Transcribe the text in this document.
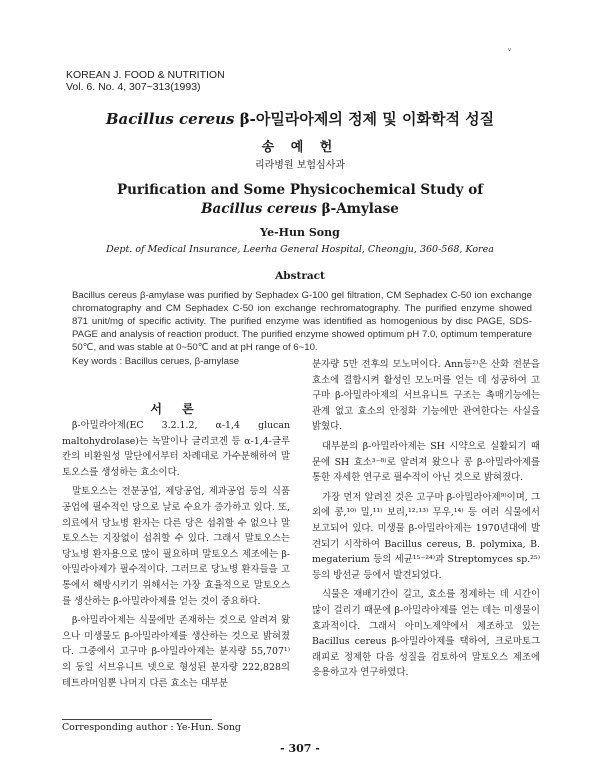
ᵛ
KOREAN J. FOOD & NUTRITION
Vol. 6. No. 4, 307~313(1993)
Bacillus cereus β-아밀라아제의 정제 및 이화학적 성질
송 예 헌
리라병원 보험심사과
Purification and Some Physicochemical Study of
Bacillus cereus β-Amylase
Ye-Hun Song
Dept. of Medical Insurance, Leerha General Hospital, Cheongju, 360-568, Korea
Abstract
Bacillus cereus β-amylase was purified by Sephadex G-100 gel filtration, CM Sephadex C-50 ion exchange chromatography and CM Sephadex C-50 ion exchange rechromatography. The purified enzyme showed 871 unit/mg of specific activity. The purified enzyme was identified as homogenious by disc PAGE, SDS-PAGE and analysis of reaction product. The purified enzyme showed optimum pH 7.0, optimum temperature 50℃, and was stable at 0~50℃ and at pH range of 6~10.
Key words : Bacillus cerues, β-amylase
서 론

β-아밀라아제(EC 3.2.1.2, α-1,4 glucan maltohydrolase)는 녹말이나 글리코겐 등 α-1,4-글루칸의 비환원성 말단에서부터 차례대로 가수분해하여 말토오스를 생성하는 효소이다.

말토오스는 전분공업, 제당공업, 제과공업 등의 식품공업에 필수적인 당으로 날로 수요가 증가하고 있다. 또, 의료에서 당뇨병 환자는 다른 당은 섭취할 수 없으나 말토오스는 지장없이 섭취할 수 있다. 그래서 말토오스는 당뇨병 환자용으로 많이 필요하며 말토오스 제조에는 β-아밀라아제가 필수적이다. 그러므로 당뇨병 환자들을 고통에서 해방시키기 위해서는 가장 효율적으로 말토오스를 생산하는 β-아밀라아제를 얻는 것이 중요하다.

β-아밀라아제는 식물에만 존재하는 것으로 알려져 왔으나 미생물도 β-아밀라아제를 생산하는 것으로 밝혀졌다. 그중에서 고구마 β-아밀라아제는 분자량 55,707¹⁾의 동일 서브유니트 넷으로 형성된 분자량 222,828의 테트라머임뿐 나머지 다른 효소는 대부분

분자량 5만 전후의 모노머이다. Ann등²⁾은 산화 전분을 효소에 결합시켜 활성인 모노머를 얻는 데 성공하여 고구마 β-아밀라아제의 서브유니트 구조는 촉매기능에는 관계 없고 효소의 안정화 기능에만 관여한다는 사실을 밝혔다.

대부분의 β-아밀라아제는 SH 시약으로 실활되기 때문에 SH 효소³⁻⁸⁾로 알려져 왔으나 콩 β-아밀라아제를 통한 자세한 연구로 필수적이 아닌 것으로 밝혀졌다.

가장 먼저 알려진 것은 고구마 β-아밀라아제⁹⁾이며, 그외에 콩,¹⁰⁾ 밀,¹¹⁾ 보리,¹²·¹³⁾ 무우,¹⁴⁾ 등 여러 식물에서 보고되어 있다. 미생물 β-아밀라아제는 1970년대에 발견되기 시작하여 Bacillus cereus, B. polymixa, B. megaterium 등의 세균¹⁵⁻²⁴⁾과 Streptomyces sp.²⁵⁾ 등의 방선균 등에서 발견되었다.

식물은 재배기간이 길고, 효소를 정제하는 데 시간이 많이 걸리기 때문에 β-아밀라아제를 얻는 데는 미생물이 효과적이다. 그래서 아미노제약에서 제조하고 있는 Bacillus cereus β-아밀라아제를 택하여, 크로마토그래피로 정제한 다음 성질을 검토하여 말토오스 제조에 응용하고자 연구하였다.

Corresponding author : Ye-Hun. Song
- 307 -
